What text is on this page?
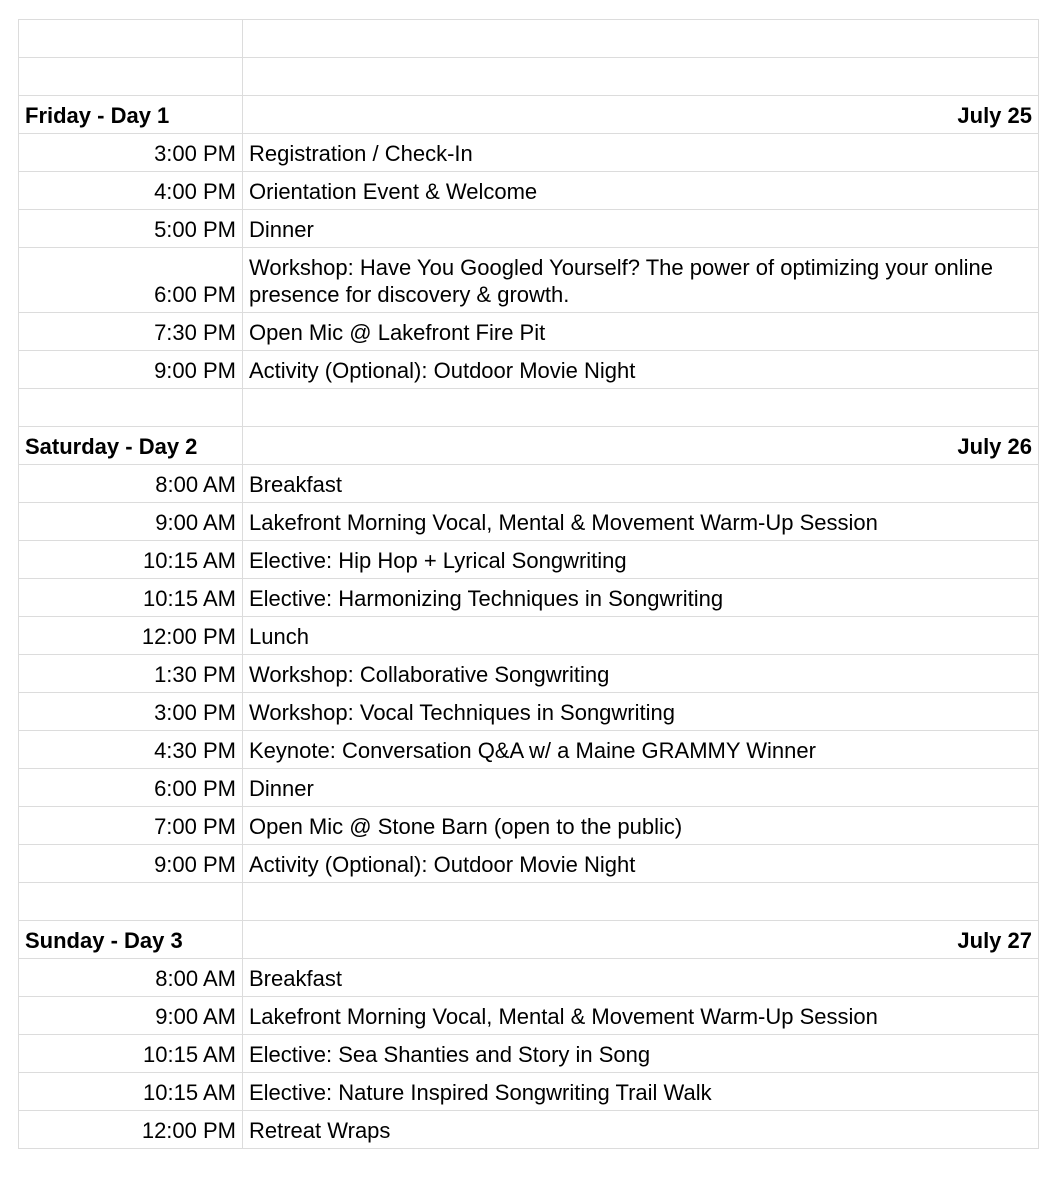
Friday - Day 1	July 25
3:00 PM	Registration / Check-In
4:00 PM	Orientation Event & Welcome
5:00 PM	Dinner
6:00 PM	Workshop: Have You Googled Yourself? The power of optimizing your online presence for discovery & growth.
7:30 PM	Open Mic @ Lakefront Fire Pit
9:00 PM	Activity (Optional): Outdoor Movie Night

Saturday - Day 2	July 26
8:00 AM	Breakfast
9:00 AM	Lakefront Morning Vocal, Mental & Movement Warm-Up Session
10:15 AM	Elective: Hip Hop + Lyrical Songwriting
10:15 AM	Elective: Harmonizing Techniques in Songwriting
12:00 PM	Lunch
1:30 PM	Workshop: Collaborative Songwriting
3:00 PM	Workshop: Vocal Techniques in Songwriting
4:30 PM	Keynote: Conversation Q&A w/ a Maine GRAMMY Winner
6:00 PM	Dinner
7:00 PM	Open Mic @ Stone Barn (open to the public)
9:00 PM	Activity (Optional): Outdoor Movie Night

Sunday - Day 3	July 27
8:00 AM	Breakfast
9:00 AM	Lakefront Morning Vocal, Mental & Movement Warm-Up Session
10:15 AM	Elective: Sea Shanties and Story in Song
10:15 AM	Elective: Nature Inspired Songwriting Trail Walk
12:00 PM	Retreat Wraps
